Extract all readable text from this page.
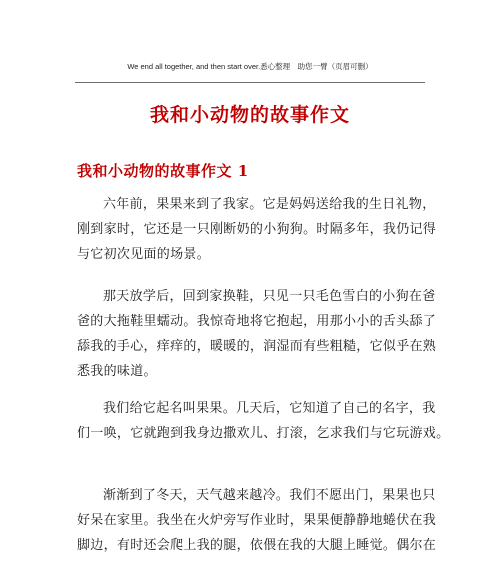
We end all together, and then start over.悉心整理　助您一臂（页眉可删）
我和小动物的故事作文
我和小动物的故事作文 1
六年前，果果来到了我家。它是妈妈送给我的生日礼物，
刚到家时，它还是一只刚断奶的小狗狗。时隔多年，我仍记得
与它初次见面的场景。
那天放学后，回到家换鞋，只见一只毛色雪白的小狗在爸
爸的大拖鞋里蠕动。我惊奇地将它抱起，用那小小的舌头舔了
舔我的手心，痒痒的，暖暖的，润湿而有些粗糙，它似乎在熟
悉我的味道。
我们给它起名叫果果。几天后，它知道了自己的名字，我
们一唤，它就跑到我身边撒欢儿、打滚，乞求我们与它玩游戏。
渐渐到了冬天，天气越来越冷。我们不愿出门，果果也只
好呆在家里。我坐在火炉旁写作业时，果果便静静地蜷伏在我
脚边，有时还会爬上我的腿，依偎在我的大腿上睡觉。偶尔在
